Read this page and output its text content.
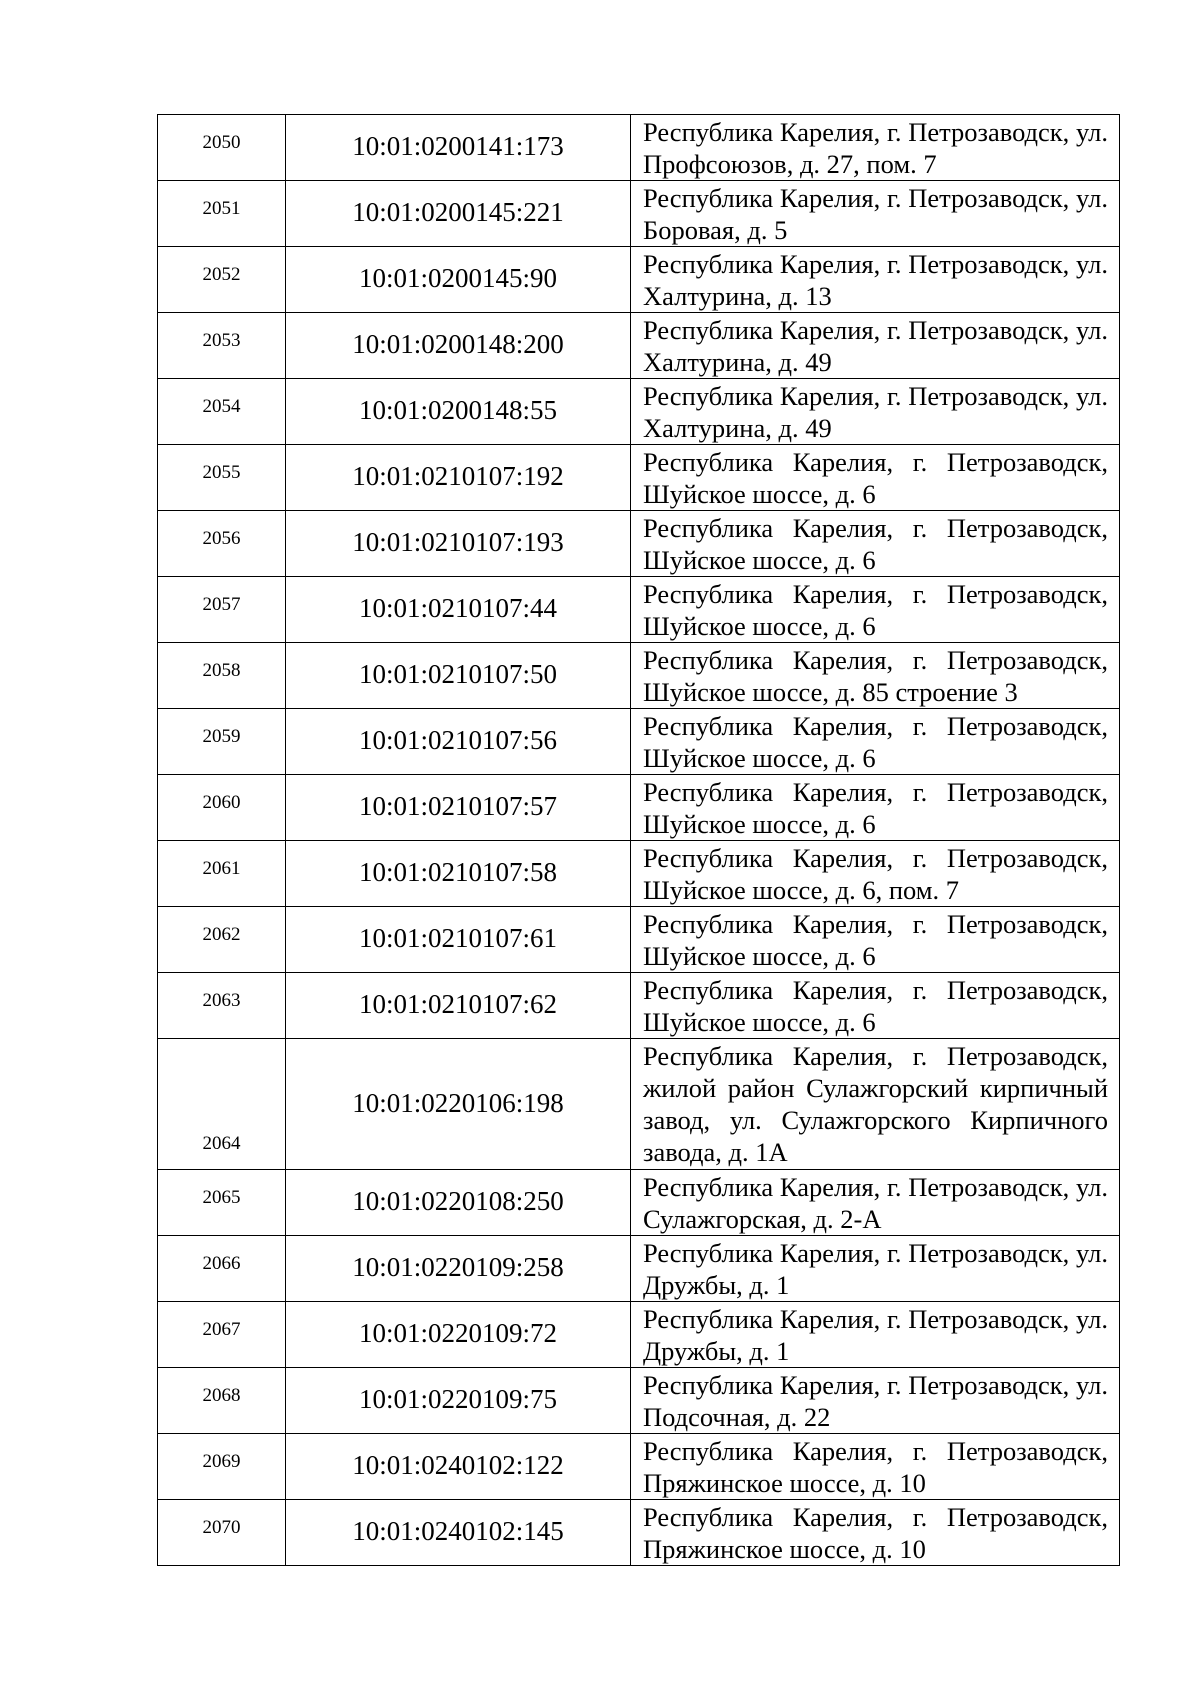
2050	10:01:0200141:173	Республика Карелия, г. Петрозаводск, ул. Профсоюзов, д. 27, пом. 7
2051	10:01:0200145:221	Республика Карелия, г. Петрозаводск, ул. Боровая, д. 5
2052	10:01:0200145:90	Республика Карелия, г. Петрозаводск, ул. Халтурина, д. 13
2053	10:01:0200148:200	Республика Карелия, г. Петрозаводск, ул. Халтурина, д. 49
2054	10:01:0200148:55	Республика Карелия, г. Петрозаводск, ул. Халтурина, д. 49
2055	10:01:0210107:192	Республика Карелия, г. Петрозаводск, Шуйское шоссе, д. 6
2056	10:01:0210107:193	Республика Карелия, г. Петрозаводск, Шуйское шоссе, д. 6
2057	10:01:0210107:44	Республика Карелия, г. Петрозаводск, Шуйское шоссе, д. 6
2058	10:01:0210107:50	Республика Карелия, г. Петрозаводск, Шуйское шоссе, д. 85 строение 3
2059	10:01:0210107:56	Республика Карелия, г. Петрозаводск, Шуйское шоссе, д. 6
2060	10:01:0210107:57	Республика Карелия, г. Петрозаводск, Шуйское шоссе, д. 6
2061	10:01:0210107:58	Республика Карелия, г. Петрозаводск, Шуйское шоссе, д. 6, пом. 7
2062	10:01:0210107:61	Республика Карелия, г. Петрозаводск, Шуйское шоссе, д. 6
2063	10:01:0210107:62	Республика Карелия, г. Петрозаводск, Шуйское шоссе, д. 6
2064	10:01:0220106:198	Республика Карелия, г. Петрозаводск, жилой район Сулажгорский кирпичный завод, ул. Сулажгорского Кирпичного завода, д. 1А
2065	10:01:0220108:250	Республика Карелия, г. Петрозаводск, ул. Сулажгорская, д. 2-А
2066	10:01:0220109:258	Республика Карелия, г. Петрозаводск, ул. Дружбы, д. 1
2067	10:01:0220109:72	Республика Карелия, г. Петрозаводск, ул. Дружбы, д. 1
2068	10:01:0220109:75	Республика Карелия, г. Петрозаводск, ул. Подсочная, д. 22
2069	10:01:0240102:122	Республика Карелия, г. Петрозаводск, Пряжинское шоссе, д. 10
2070	10:01:0240102:145	Республика Карелия, г. Петрозаводск, Пряжинское шоссе, д. 10
